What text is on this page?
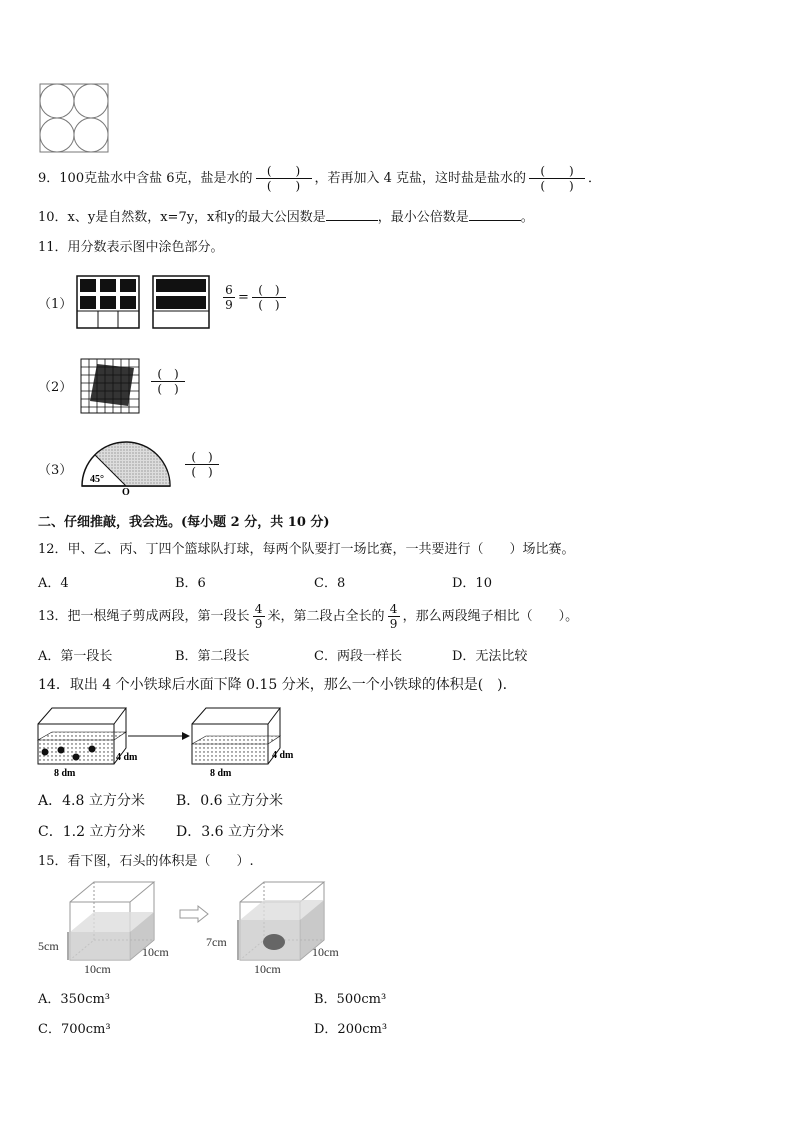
9．100克盐水中含盐 6克，盐是水的 $\frac{( )}{( )}$ ，若再加入 4 克盐，这时盐是盐水的 $\frac{( )}{( )}$ ．
10．x、y是自然数，x=7y，x和y的最大公因数是	，最小公倍数是	。
11．用分数表示图中涂色部分。
（1）	$\frac{6}{9} = \frac{( )}{( )}$
（2）	$\frac{( )}{( )}$
（3）
45°
O
$\frac{( )}{( )}$
二、仔细推敲，我会选。(每小题 2 分，共 10 分)
12．甲、乙、丙、丁四个篮球队打球，每两个队要打一场比赛，一共要进行（　　）场比赛。
A．4	B．6	C．8	D．10
13．把一根绳子剪成两段，第一段长 $\frac{4}{9}$ 米，第二段占全长的 $\frac{4}{9}$ ，那么两段绳子相比（　　）。
A．第一段长	B．第二段长	C．两段一样长	D．无法比较
14．取出 4 个小铁球后水面下降 0.15 分米，那么一个小铁球的体积是(　).
8 dm
4 dm
8 dm
4 dm
A．4.8 立方分米 B．0.6 立方分米
C．1.2 立方分米 D．3.6 立方分米
15．看下图，石头的体积是（　　）.
5cm	10cm
10cm
7cm
10cm
10cm
A．350cm³	B．500cm³
C．700cm³	D．200cm³
